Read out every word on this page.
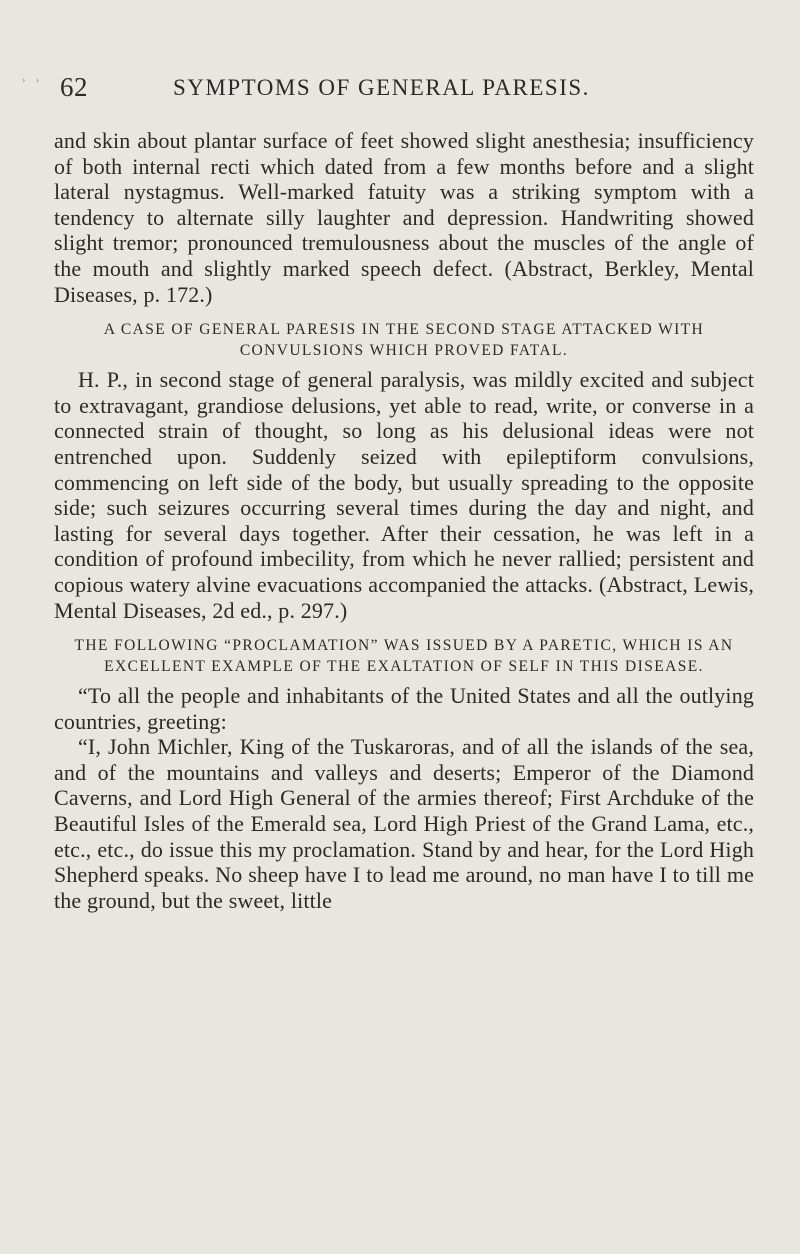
› › 62	SYMPTOMS OF GENERAL PARESIS.

and skin about plantar surface of feet showed slight anesthesia; insufficiency of both internal recti which dated from a few months before and a slight lateral nystagmus. Well-marked fatuity was a striking symptom with a tendency to alternate silly laughter and depression. Handwriting showed slight tremor; pronounced tremulousness about the muscles of the angle of the mouth and slightly marked speech defect. (Abstract, Berkley, Mental Diseases, p. 172.)

A CASE OF GENERAL PARESIS IN THE SECOND STAGE ATTACKED WITH CONVULSIONS WHICH PROVED FATAL.

H. P., in second stage of general paralysis, was mildly excited and subject to extravagant, grandiose delusions, yet able to read, write, or converse in a connected strain of thought, so long as his delusional ideas were not entrenched upon. Suddenly seized with epileptiform convulsions, commencing on left side of the body, but usually spreading to the opposite side; such seizures occurring several times during the day and night, and lasting for several days together. After their cessation, he was left in a condition of profound imbecility, from which he never rallied; persistent and copious watery alvine evacuations accompanied the attacks. (Abstract, Lewis, Mental Diseases, 2d ed., p. 297.)

THE FOLLOWING “PROCLAMATION” WAS ISSUED BY A PARETIC, WHICH IS AN EXCELLENT EXAMPLE OF THE EXALTATION OF SELF IN THIS DISEASE.

“To all the people and inhabitants of the United States and all the outlying countries, greeting:

“I, John Michler, King of the Tuskaroras, and of all the islands of the sea, and of the mountains and valleys and deserts; Emperor of the Diamond Caverns, and Lord High General of the armies thereof; First Archduke of the Beautiful Isles of the Emerald sea, Lord High Priest of the Grand Lama, etc., etc., etc., do issue this my proclamation. Stand by and hear, for the Lord High Shepherd speaks. No sheep have I to lead me around, no man have I to till me the ground, but the sweet, little
